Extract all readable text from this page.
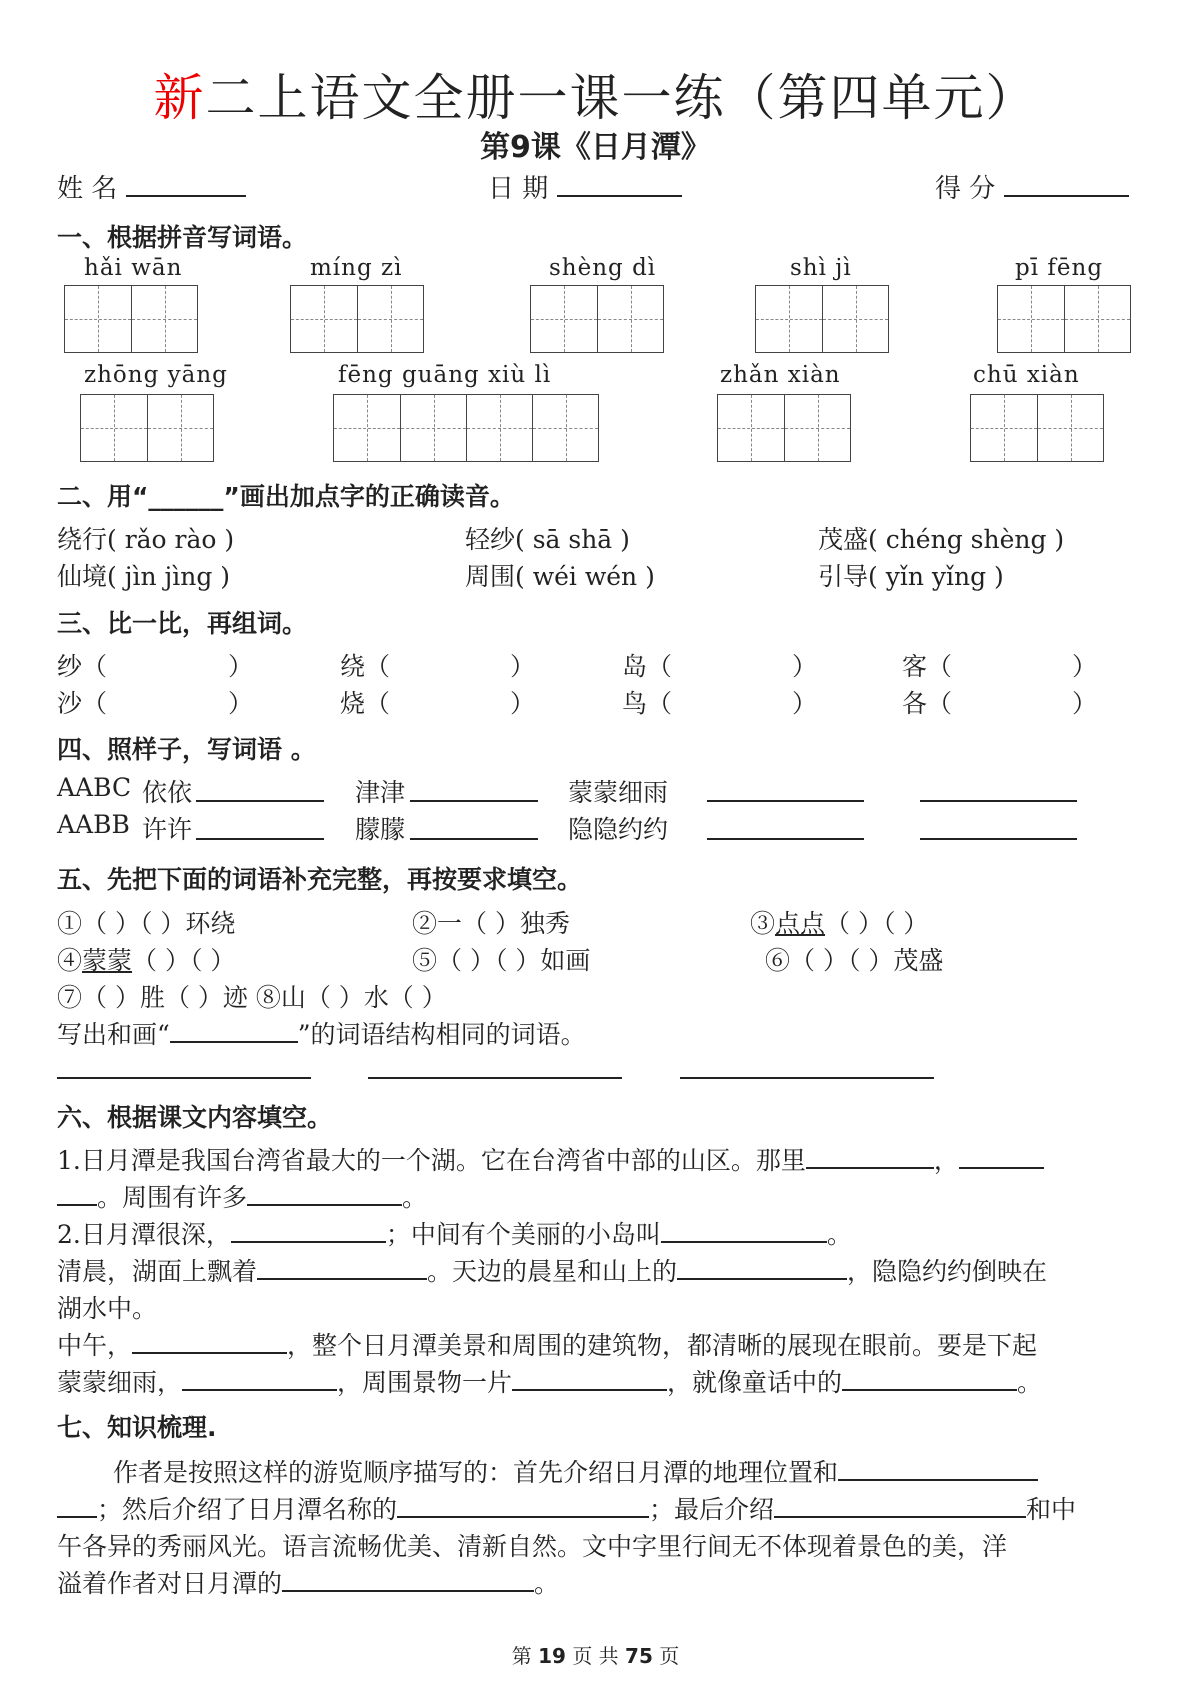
新二上语文全册一课一练（第四单元）
第9课《日月潭》
姓 名	日 期	得 分
一、根据拼音写词语。
hǎi wān	míng zì	shèng dì	shì jì	pī fēng
zhōng yāng	fēng guāng xiù lì	zhǎn xiàn	chū xiàn
二、用“______”画出加点字的正确读音。
绕行( rǎo rào )	轻纱( sā shā )	茂盛( chéng shèng )
仙境( jìn jìng )	周围( wéi wén )	引导( yǐn yǐng )
三、比一比，再组词。
纱（	）	绕（	）	岛（	）	客（	）
沙（	）	烧（	）	鸟（	）	各（	）
四、照样子，写词语 。
AABC 依依	津津	蒙蒙细雨
AABB 许许	朦朦	隐隐约约
五、先把下面的词语补充完整，再按要求填空。
①（ ）（ ）环绕	②一（ ）独秀	③点点（ ）（ ）
④蒙蒙（ ）（ ）	⑤（ ）（ ）如画	⑥（ ）（ ）茂盛
⑦（ ）胜（ ）迹 ⑧山（ ）水（ ）
写出和画“	”的词语结构相同的词语。
六、根据课文内容填空。
1.日月潭是我国台湾省最大的一个湖。它在台湾省中部的山区。那里	，
。周围有许多	。
2.日月潭很深，	；中间有个美丽的小岛叫	。
清晨，湖面上飘着	。天边的晨星和山上的	，隐隐约约倒映在
湖水中。
中午，	，整个日月潭美景和周围的建筑物，都清晰的展现在眼前。要是下起
蒙蒙细雨，	，周围景物一片	，就像童话中的	。
七、知识梳理.
作者是按照这样的游览顺序描写的：首先介绍日月潭的地理位置和
；然后介绍了日月潭名称的	；最后介绍	和中
午各异的秀丽风光。语言流畅优美、清新自然。文中字里行间无不体现着景色的美，洋
溢着作者对日月潭的	。
第 19 页 共 75 页
